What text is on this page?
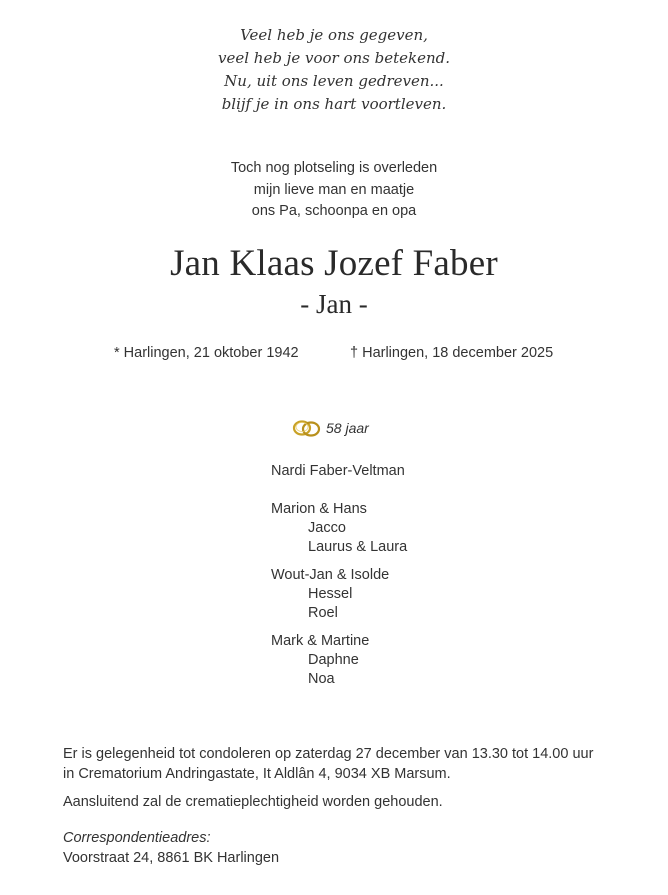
Veel heb je ons gegeven,
veel heb je voor ons betekend.
Nu, uit ons leven gedreven...
blijf je in ons hart voortleven.
Toch nog plotseling is overleden
mijn lieve man en maatje
ons Pa, schoonpa en opa
Jan Klaas Jozef Faber
- Jan -
* Harlingen, 21 oktober 1942	† Harlingen, 18 december 2025
58 jaar
Nardi Faber-Veltman
Marion & Hans
Jacco
Laurus & Laura
Wout-Jan & Isolde
Hessel
Roel
Mark & Martine
Daphne
Noa

Er is gelegenheid tot condoleren op zaterdag 27 december van 13.30 tot 14.00 uur

in Crematorium Andringastate, It Aldlân 4, 9034 XB Marsum.

Aansluitend zal de crematieplechtigheid worden gehouden.

Correspondentieadres:

Voorstraat 24, 8861 BK Harlingen
